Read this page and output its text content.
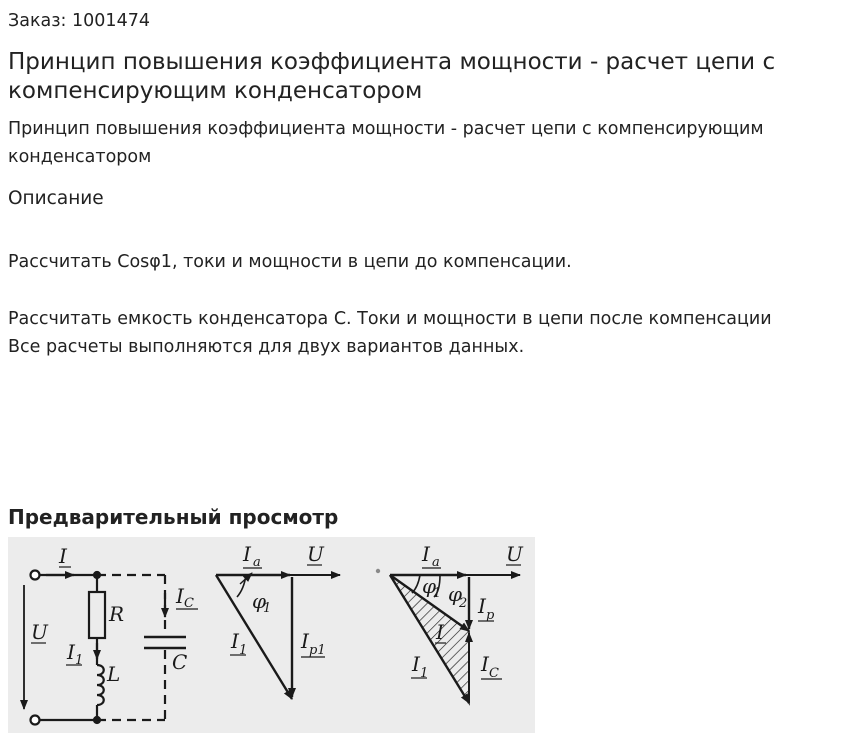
Заказ: 1001474
Принцип повышения коэффициента мощности - расчет цепи с компенсирующим конденсатором

Принцип повышения коэффициента мощности - расчет цепи с компенсирующим конденсатором

Описание

Рассчитать Cosφ1, токи и мощности в цепи до компенсации.

Рассчитать емкость конденсатора С. Токи и мощности в цепи после компенсации
Все расчеты выполняются для двух вариантов данных.
Предварительный просмотр
I
U
R
L
I 1
I C
C
I a U
φ
1
I 1	I p1
I a	U
φ
1 φ
2 I p
I
I 1	I C
